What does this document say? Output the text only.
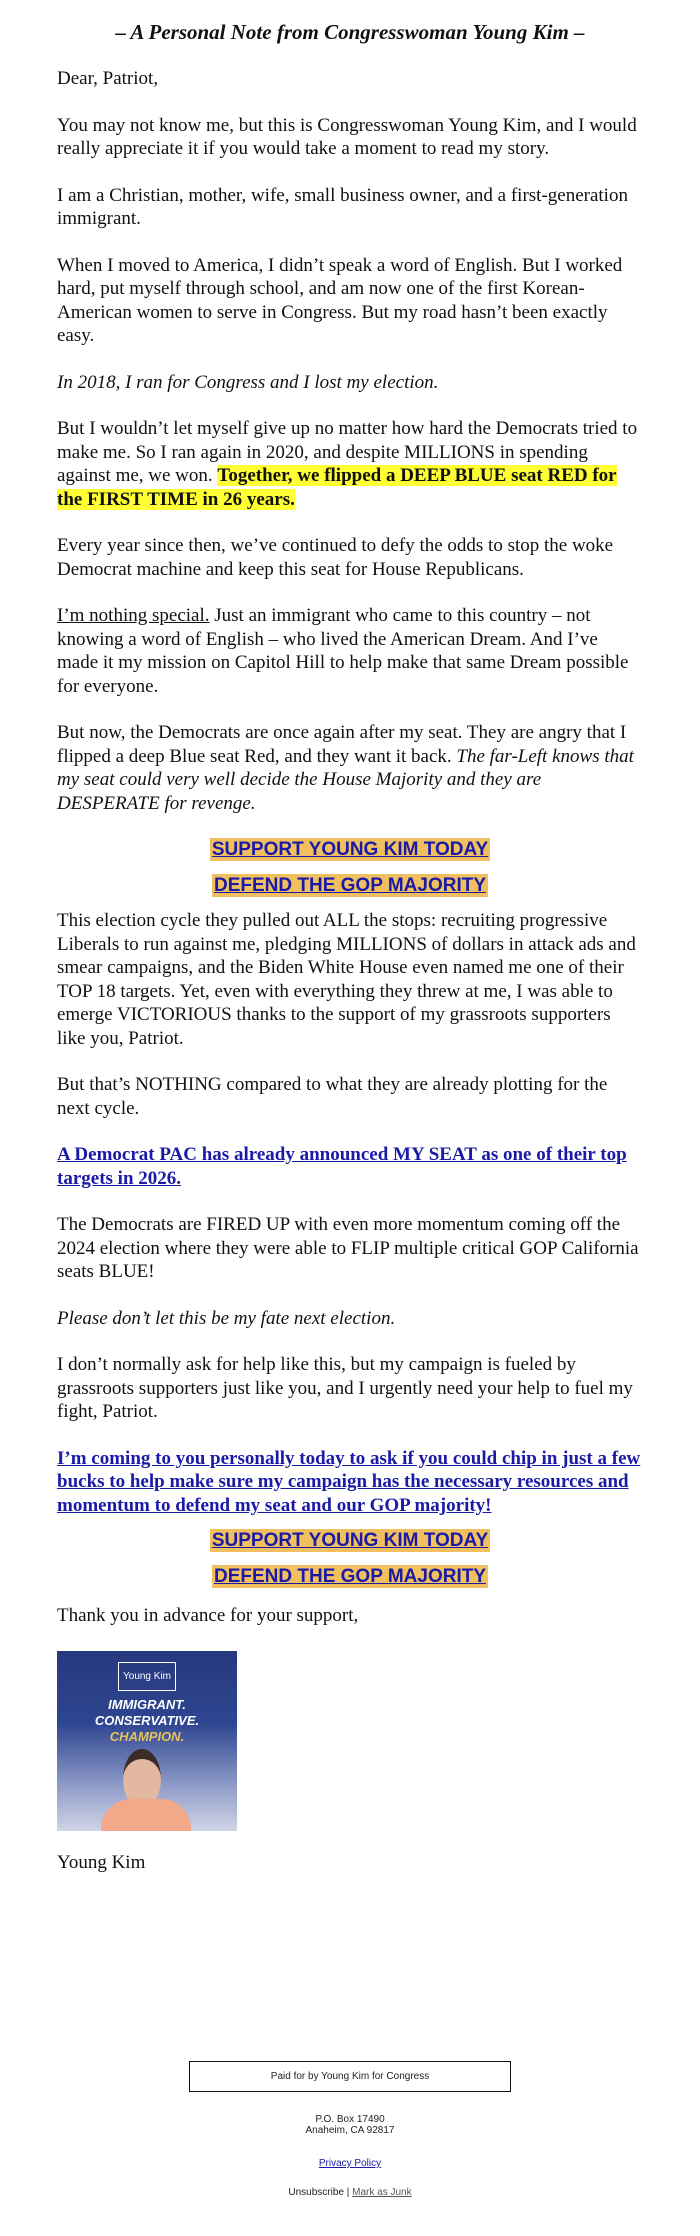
– A Personal Note from Congresswoman Young Kim –

Dear, Patriot,

You may not know me, but this is Congresswoman Young Kim, and I would really appreciate it if you would take a moment to read my story.

I am a Christian, mother, wife, small business owner, and a first-generation immigrant.

When I moved to America, I didn’t speak a word of English. But I worked hard, put myself through school, and am now one of the first Korean-American women to serve in Congress. But my road hasn’t been exactly easy.

In 2018, I ran for Congress and I lost my election.

But I wouldn’t let myself give up no matter how hard the Democrats tried to make me. So I ran again in 2020, and despite MILLIONS in spending against me, we won. Together, we flipped a DEEP BLUE seat RED for the FIRST TIME in 26 years.

Every year since then, we’ve continued to defy the odds to stop the woke Democrat machine and keep this seat for House Republicans.

I’m nothing special. Just an immigrant who came to this country – not knowing a word of English – who lived the American Dream. And I’ve made it my mission on Capitol Hill to help make that same Dream possible for everyone.

But now, the Democrats are once again after my seat. They are angry that I flipped a deep Blue seat Red, and they want it back. The far-Left knows that my seat could very well decide the House Majority and they are DESPERATE for revenge.

SUPPORT YOUNG KIM TODAY

DEFEND THE GOP MAJORITY

This election cycle they pulled out ALL the stops: recruiting progressive Liberals to run against me, pledging MILLIONS of dollars in attack ads and smear campaigns, and the Biden White House even named me one of their TOP 18 targets. Yet, even with everything they threw at me, I was able to emerge VICTORIOUS thanks to the support of my grassroots supporters like you, Patriot.

But that’s NOTHING compared to what they are already plotting for the next cycle.

A Democrat PAC has already announced MY SEAT as one of their top targets in 2026.

The Democrats are FIRED UP with even more momentum coming off the 2024 election where they were able to FLIP multiple critical GOP California seats BLUE!

Please don’t let this be my fate next election.

I don’t normally ask for help like this, but my campaign is fueled by grassroots supporters just like you, and I urgently need your help to fuel my fight, Patriot.

I’m coming to you personally today to ask if you could chip in just a few bucks to help make sure my campaign has the necessary resources and momentum to defend my seat and our GOP majority!

SUPPORT YOUNG KIM TODAY

DEFEND THE GOP MAJORITY

Thank you in advance for your support,

Young Kim
IMMIGRANT.
CONSERVATIVE.
CHAMPION.

Young Kim

Paid for by Young Kim for Congress
P.O. Box 17490
Anaheim, CA 92817
Privacy Policy
Unsubscribe | Mark as Junk
